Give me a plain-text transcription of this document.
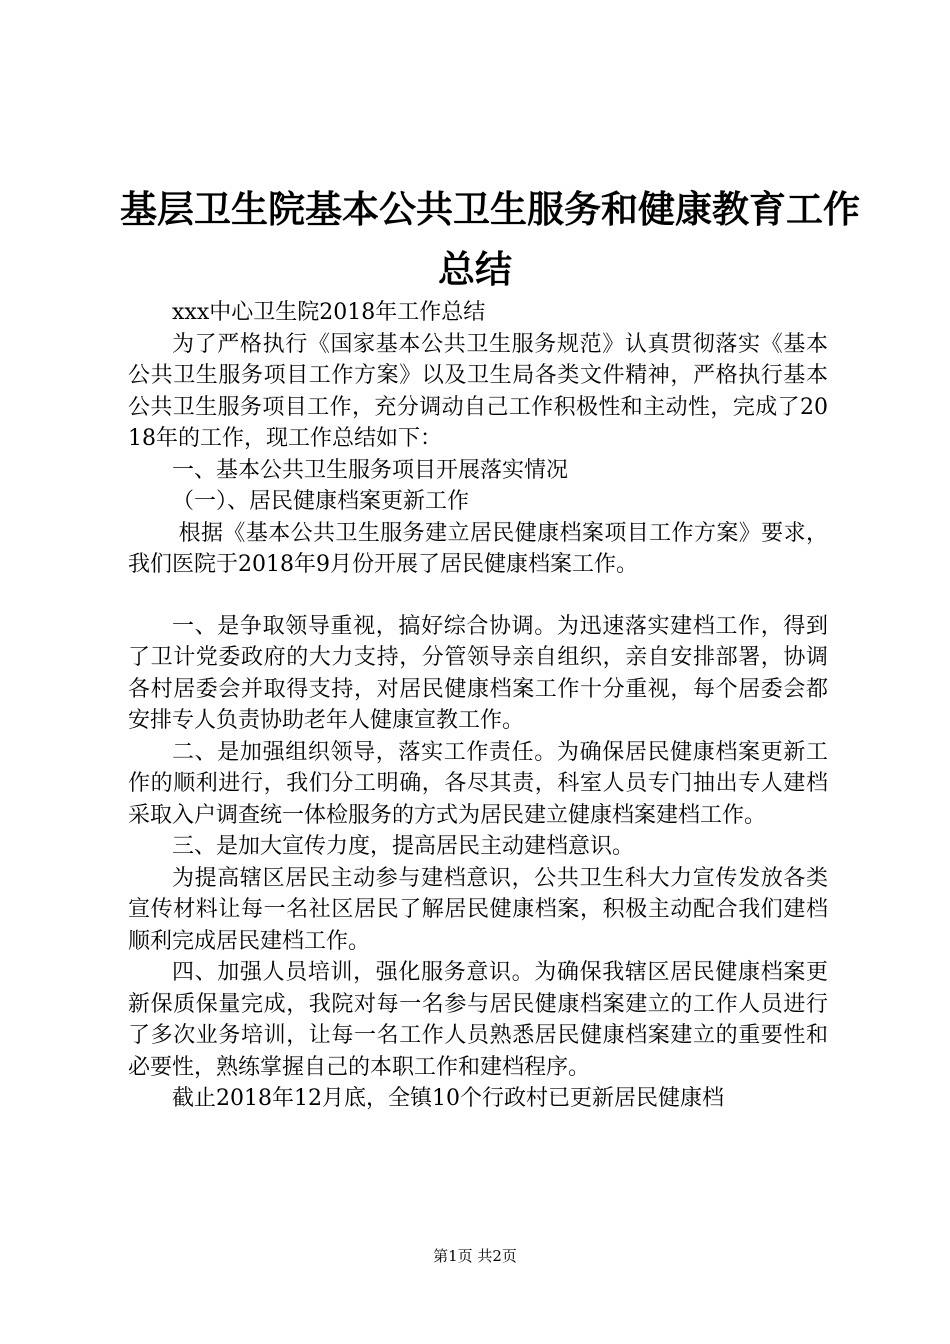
基层卫生院基本公共卫生服务和健康教育工作
总结

xxx中心卫生院2018年工作总结

为了严格执行《国家基本公共卫生服务规范》认真贯彻落实《基本公共卫生服务项目工作方案》以及卫生局各类文件精神，严格执行基本公共卫生服务项目工作，充分调动自己工作积极性和主动性，完成了2018年的工作，现工作总结如下：

一、基本公共卫生服务项目开展落实情况

（一）、居民健康档案更新工作

根据《基本公共卫生服务建立居民健康档案项目工作方案》要求，我们医院于2018年9月份开展了居民健康档案工作。

一、是争取领导重视，搞好综合协调。为迅速落实建档工作，得到了卫计党委政府的大力支持，分管领导亲自组织，亲自安排部署，协调各村居委会并取得支持，对居民健康档案工作十分重视，每个居委会都安排专人负责协助老年人健康宣教工作。

二、是加强组织领导，落实工作责任。为确保居民健康档案更新工作的顺利进行，我们分工明确，各尽其责，科室人员专门抽出专人建档采取入户调查统一体检服务的方式为居民建立健康档案建档工作。

三、是加大宣传力度，提高居民主动建档意识。

为提高辖区居民主动参与建档意识，公共卫生科大力宣传发放各类宣传材料让每一名社区居民了解居民健康档案，积极主动配合我们建档顺利完成居民建档工作。

四、加强人员培训，强化服务意识。为确保我辖区居民健康档案更新保质保量完成，我院对每一名参与居民健康档案建立的工作人员进行了多次业务培训，让每一名工作人员熟悉居民健康档案建立的重要性和必要性，熟练掌握自己的本职工作和建档程序。

截止2018年12月底，全镇10个行政村已更新居民健康档

第1页 共2页
